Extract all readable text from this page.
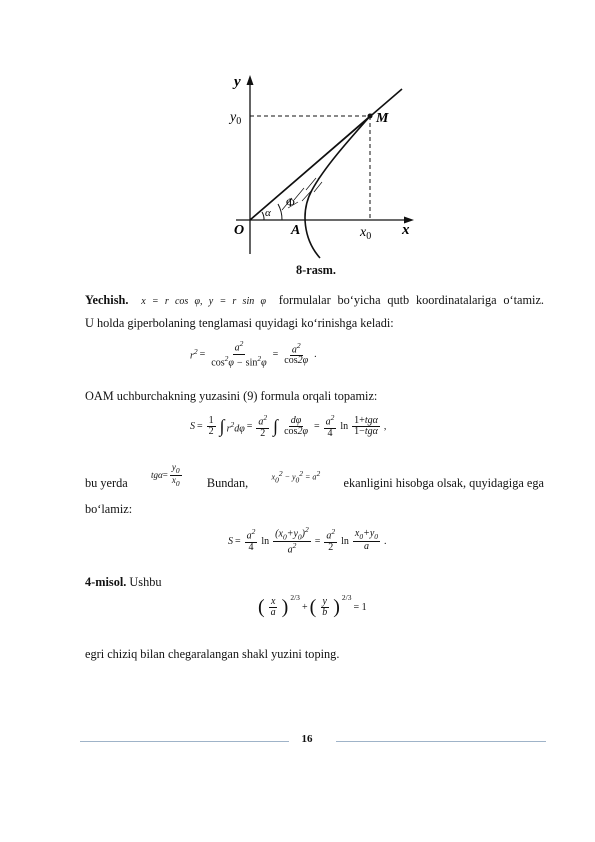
y
x
$y_0$
$x_0$
O	A
M
α
Φ
8-rasm.
Yechish. x = r cos φ, y = r sin φ formulalar bo‘yicha qutb koordinatalariga o‘tamiz.
U holda giperbolaning tenglamasi quyidagi ko‘rinishga keladi:
$r^2 = \frac{a^2}{\cos^2\varphi - \sin^2\varphi} = \frac{a^2}{\cos 2\varphi}$ .
OAM uchburchakning yuzasini (9) formula orqali topamiz:
$S = \frac{1}{2}$ ∫ $r^2d\varphi = \frac{a^2}{2}$ ∫ $\frac{d\varphi}{\cos 2\varphi} = \frac{a^2}{4}$ $\ln \frac{\text{1+tgα}}{\text{1−tgα}}$ ,
bu yerda
$tg\alpha = \frac{y_0}{x_0}$ Bundan,	$x_0^2 - y_0^2 = a^2$
ekanligini hisobga olsak, quyidagiga ega
bo‘lamiz:
$S = \frac{a^2}{4}$ $\ln \frac{(x_0+y_0)^2}{a^2} = \frac{a^2}{2}$ $\ln \frac{x_0+y_0}{a}$ .
4-misol. Ushbu
( $\frac{x}{a}$ ) $^{2/3}$
+ ( $\frac{y}{b}$ ) $^{2/3}$
= 1
egri chiziq bilan chegaralangan shakl yuzini toping.
16
